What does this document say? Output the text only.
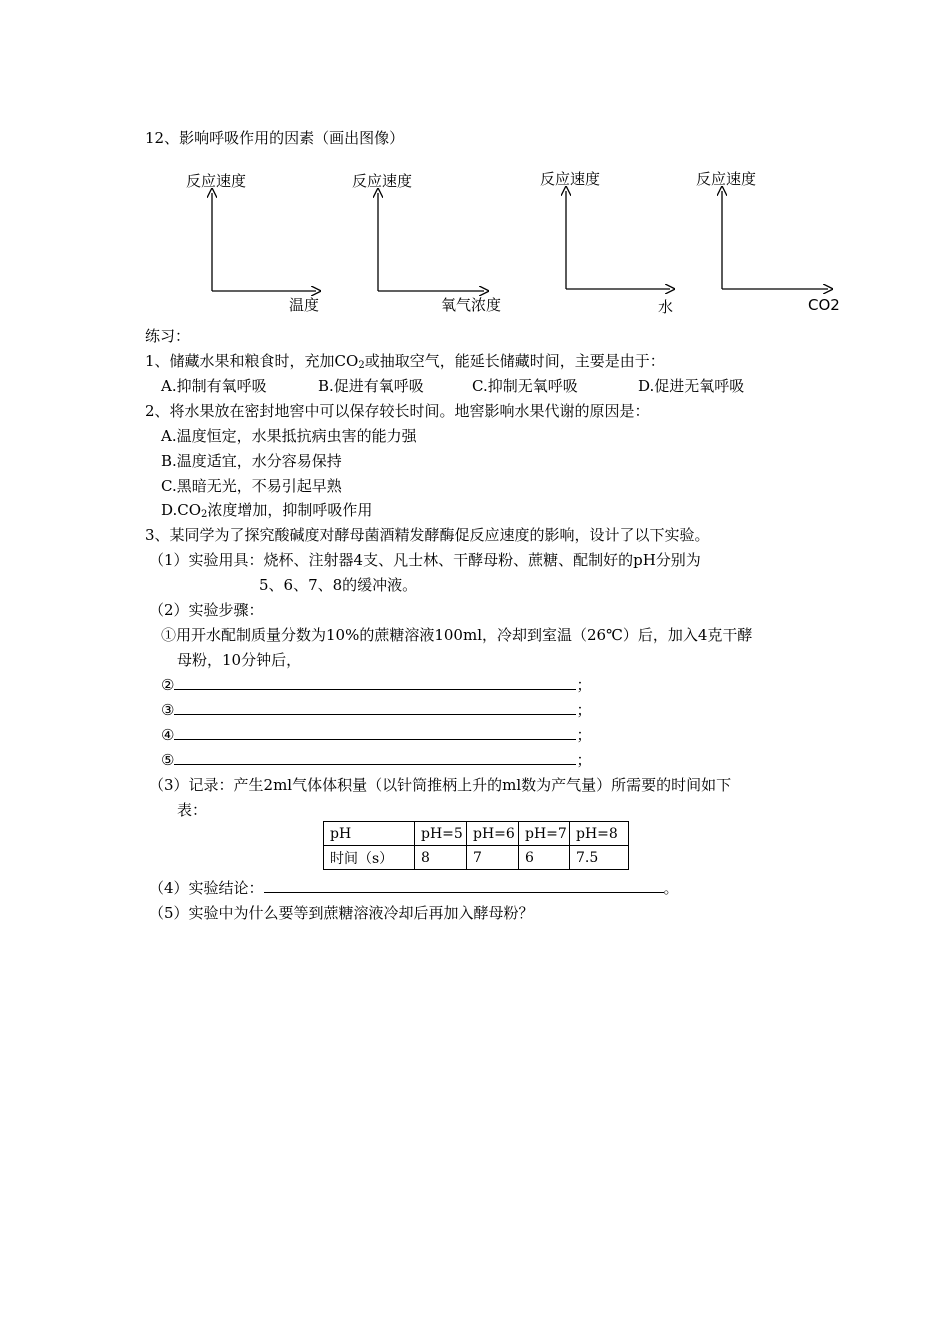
12、影响呼吸作用的因素（画出图像）
反应速度
温度
反应速度
氧气浓度
反应速度
水
反应速度
CO2
练习：
1、储藏水果和粮食时，充加$CO_2$或抽取空气，能延长储藏时间，主要是由于：
A.抑制有氧呼吸	B.促进有氧呼吸	C.抑制无氧呼吸	D.促进无氧呼吸
2、将水果放在密封地窖中可以保存较长时间。地窖影响水果代谢的原因是：
A.温度恒定，水果抵抗病虫害的能力强
B.温度适宜，水分容易保持
C.黑暗无光，不易引起早熟
$D.CO_2$浓度增加，抑制呼吸作用
3、某同学为了探究酸碱度对酵母菌酒精发酵酶促反应速度的影响，设计了以下实验。
（1）实验用具：烧杯、注射器4支、凡士林、干酵母粉、蔗糖、配制好的pH分别为
5、6、7、8的缓冲液。
（2）实验步骤：
①用开水配制质量分数为10%的蔗糖溶液100ml，冷却到室温（26℃）后，加入4克干酵
母粉，10分钟后，
②	；
③	；
④	；
⑤	；
（3）记录：产生2ml气体体积量（以针筒推柄上升的ml数为产气量）所需要的时间如下
表：
pH	pH=5	pH=6	pH=7	pH=8
时间（s）	8	7	6	7.5
（4）实验结论：	。
（5）实验中为什么要等到蔗糖溶液冷却后再加入酵母粉？
